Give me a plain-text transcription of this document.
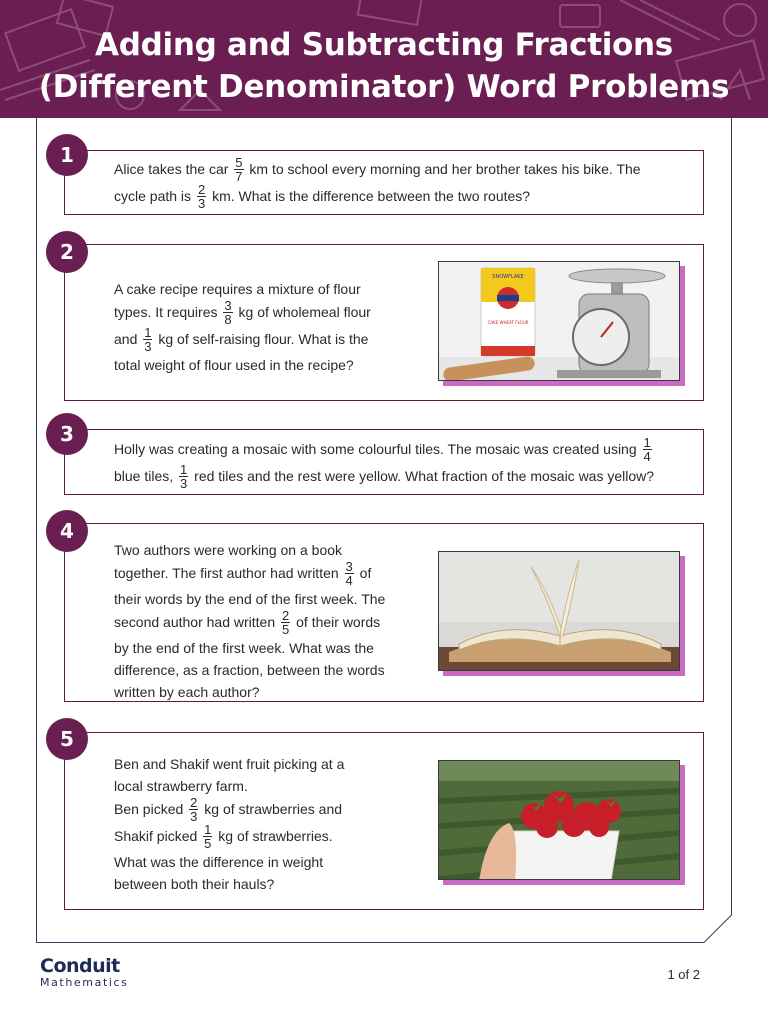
Adding and Subtracting Fractions
(Different Denominator) Word Problems
1
Alice takes the car $\frac{5}{7}$ km to school every morning and her brother takes his bike. The
cycle path is $\frac{2}{3}$ km. What is the difference between the two routes?
2
A cake recipe requires a mixture of flour
types. It requires $\frac{3}{8}$ kg of wholemeal flour
and $\frac{1}{3}$ kg of self-raising flour. What is the
total weight of flour used in the recipe?
SNOWFLAKE
CAKE WHEAT FLOUR
3
Holly was creating a mosaic with some colourful tiles. The mosaic was created using $\frac{1}{4}$
blue tiles, $\frac{1}{3}$ red tiles and the rest were yellow. What fraction of the mosaic was yellow?
4
Two authors were working on a book
together. The first author had written $\frac{3}{4}$ of
their words by the end of the first week. The
second author had written $\frac{2}{5}$ of their words
by the end of the first week. What was the
difference, as a fraction, between the words
written by each author?
5
Ben and Shakif went fruit picking at a
local strawberry farm.
Ben picked $\frac{2}{3}$ kg of strawberries and
Shakif picked $\frac{1}{5}$ kg of strawberries.
What was the difference in weight
between both their hauls?
Conduit
Mathematics
1 of 2
